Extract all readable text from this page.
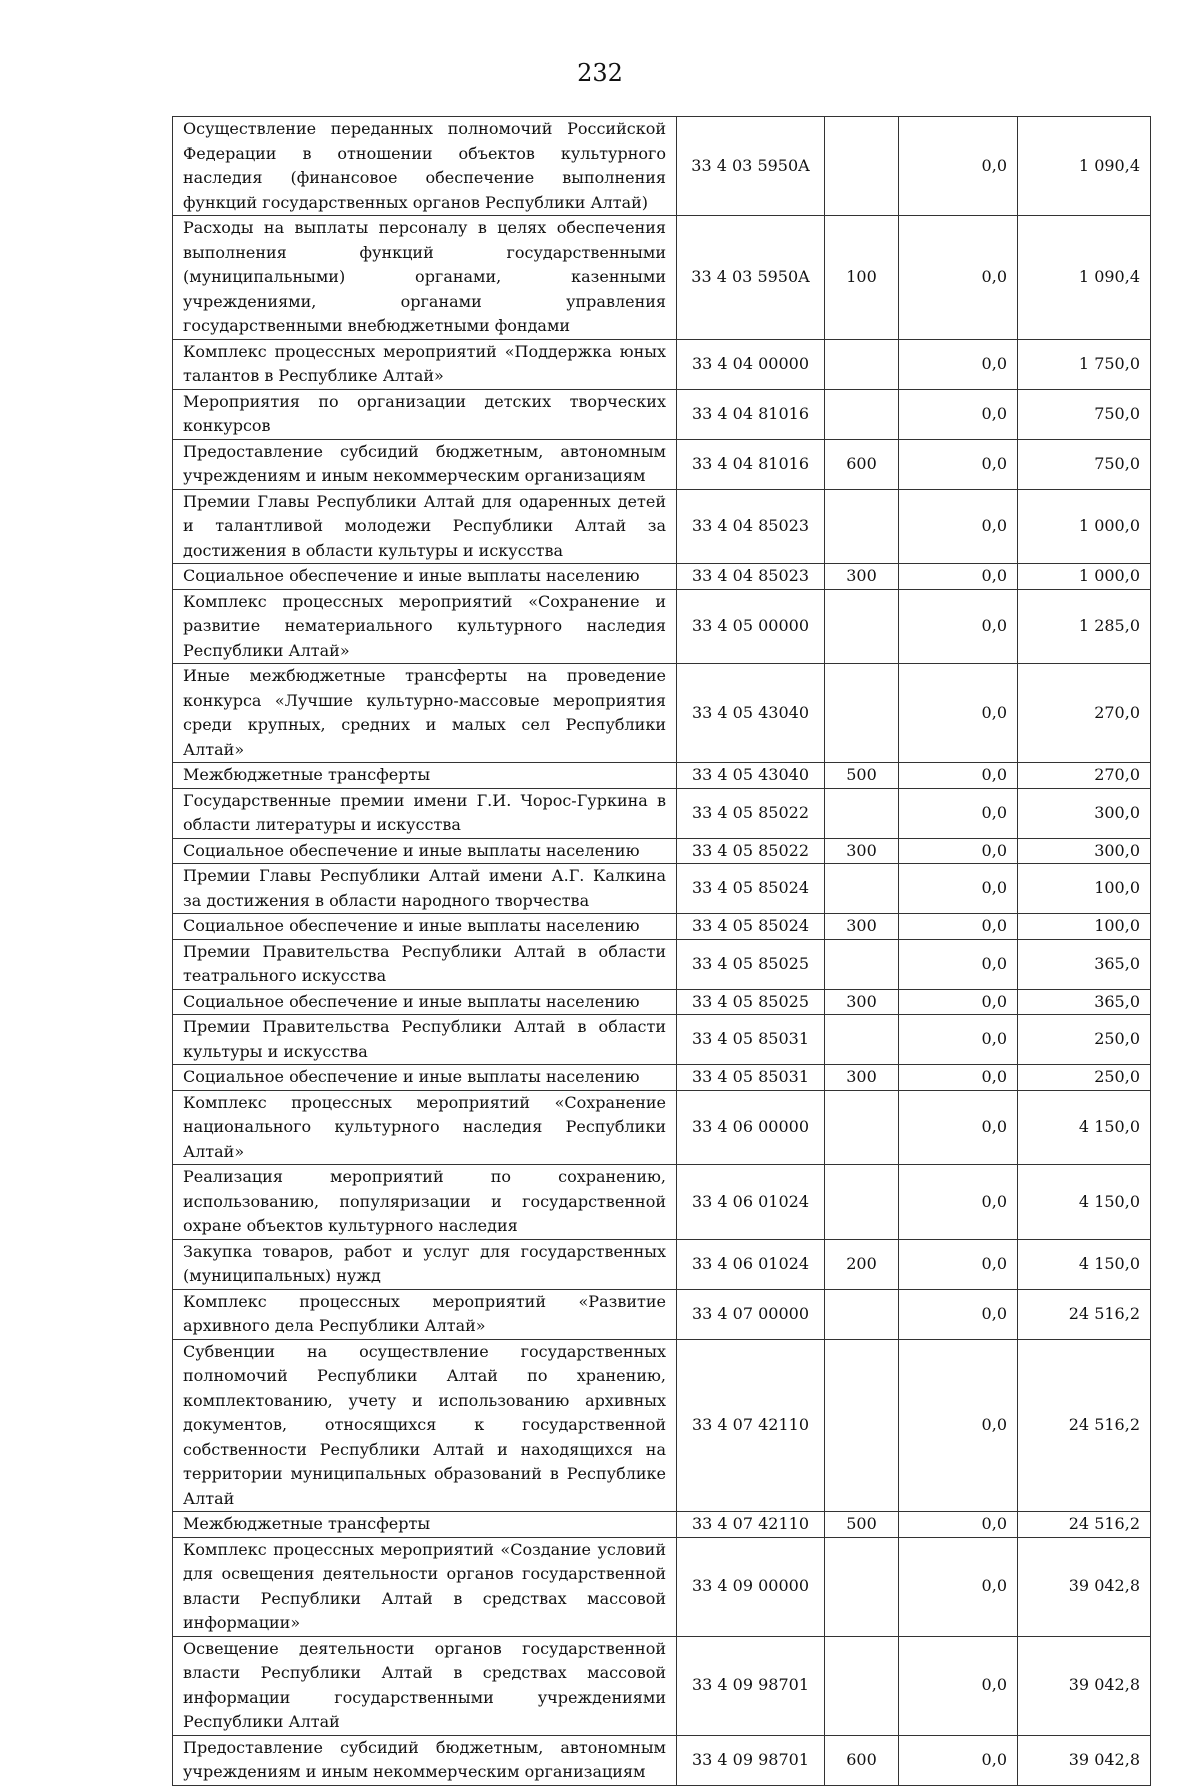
232
Осуществление переданных полномочий Российской Федерации в отношении объектов культурного наследия (финансовое обеспечение выполнения функций государственных органов Республики Алтай)	33 4 03 5950A		0,0	1 090,4
Расходы на выплаты персоналу в целях обеспечения выполнения функций государственными (муниципальными) органами, казенными учреждениями, органами управления государственными внебюджетными фондами	33 4 03 5950A	100	0,0	1 090,4
Комплекс процессных мероприятий «Поддержка юных талантов в Республике Алтай»	33 4 04 00000		0,0	1 750,0
Мероприятия по организации детских творческих конкурсов	33 4 04 81016		0,0	750,0
Предоставление субсидий бюджетным, автономным учреждениям и иным некоммерческим организациям	33 4 04 81016	600	0,0	750,0
Премии Главы Республики Алтай для одаренных детей и талантливой молодежи Республики Алтай за достижения в области культуры и искусства	33 4 04 85023		0,0	1 000,0
Социальное обеспечение и иные выплаты населению	33 4 04 85023	300	0,0	1 000,0
Комплекс процессных мероприятий «Сохранение и развитие нематериального культурного наследия Республики Алтай»	33 4 05 00000		0,0	1 285,0
Иные межбюджетные трансферты на проведение конкурса «Лучшие культурно-массовые мероприятия среди крупных, средних и малых сел Республики Алтай»	33 4 05 43040		0,0	270,0
Межбюджетные трансферты	33 4 05 43040	500	0,0	270,0
Государственные премии имени Г.И. Чорос-Гуркина в области литературы и искусства	33 4 05 85022		0,0	300,0
Социальное обеспечение и иные выплаты населению	33 4 05 85022	300	0,0	300,0
Премии Главы Республики Алтай имени А.Г. Калкина за достижения в области народного творчества	33 4 05 85024		0,0	100,0
Социальное обеспечение и иные выплаты населению	33 4 05 85024	300	0,0	100,0
Премии Правительства Республики Алтай в области театрального искусства	33 4 05 85025		0,0	365,0
Социальное обеспечение и иные выплаты населению	33 4 05 85025	300	0,0	365,0
Премии Правительства Республики Алтай в области культуры и искусства	33 4 05 85031		0,0	250,0
Социальное обеспечение и иные выплаты населению	33 4 05 85031	300	0,0	250,0
Комплекс процессных мероприятий «Сохранение национального культурного наследия Республики Алтай»	33 4 06 00000		0,0	4 150,0
Реализация мероприятий по сохранению, использованию, популяризации и государственной охране объектов культурного наследия	33 4 06 01024		0,0	4 150,0
Закупка товаров, работ и услуг для государственных (муниципальных) нужд	33 4 06 01024	200	0,0	4 150,0
Комплекс процессных мероприятий «Развитие архивного дела Республики Алтай»	33 4 07 00000		0,0	24 516,2
Субвенции на осуществление государственных полномочий Республики Алтай по хранению, комплектованию, учету и использованию архивных документов, относящихся к государственной собственности Республики Алтай и находящихся на территории муниципальных образований в Республике Алтай	33 4 07 42110		0,0	24 516,2
Межбюджетные трансферты	33 4 07 42110	500	0,0	24 516,2
Комплекс процессных мероприятий «Создание условий для освещения деятельности органов государственной власти Республики Алтай в средствах массовой информации»	33 4 09 00000		0,0	39 042,8
Освещение деятельности органов государственной власти Республики Алтай в средствах массовой информации государственными учреждениями Республики Алтай	33 4 09 98701		0,0	39 042,8
Предоставление субсидий бюджетным, автономным учреждениям и иным некоммерческим организациям	33 4 09 98701	600	0,0	39 042,8
